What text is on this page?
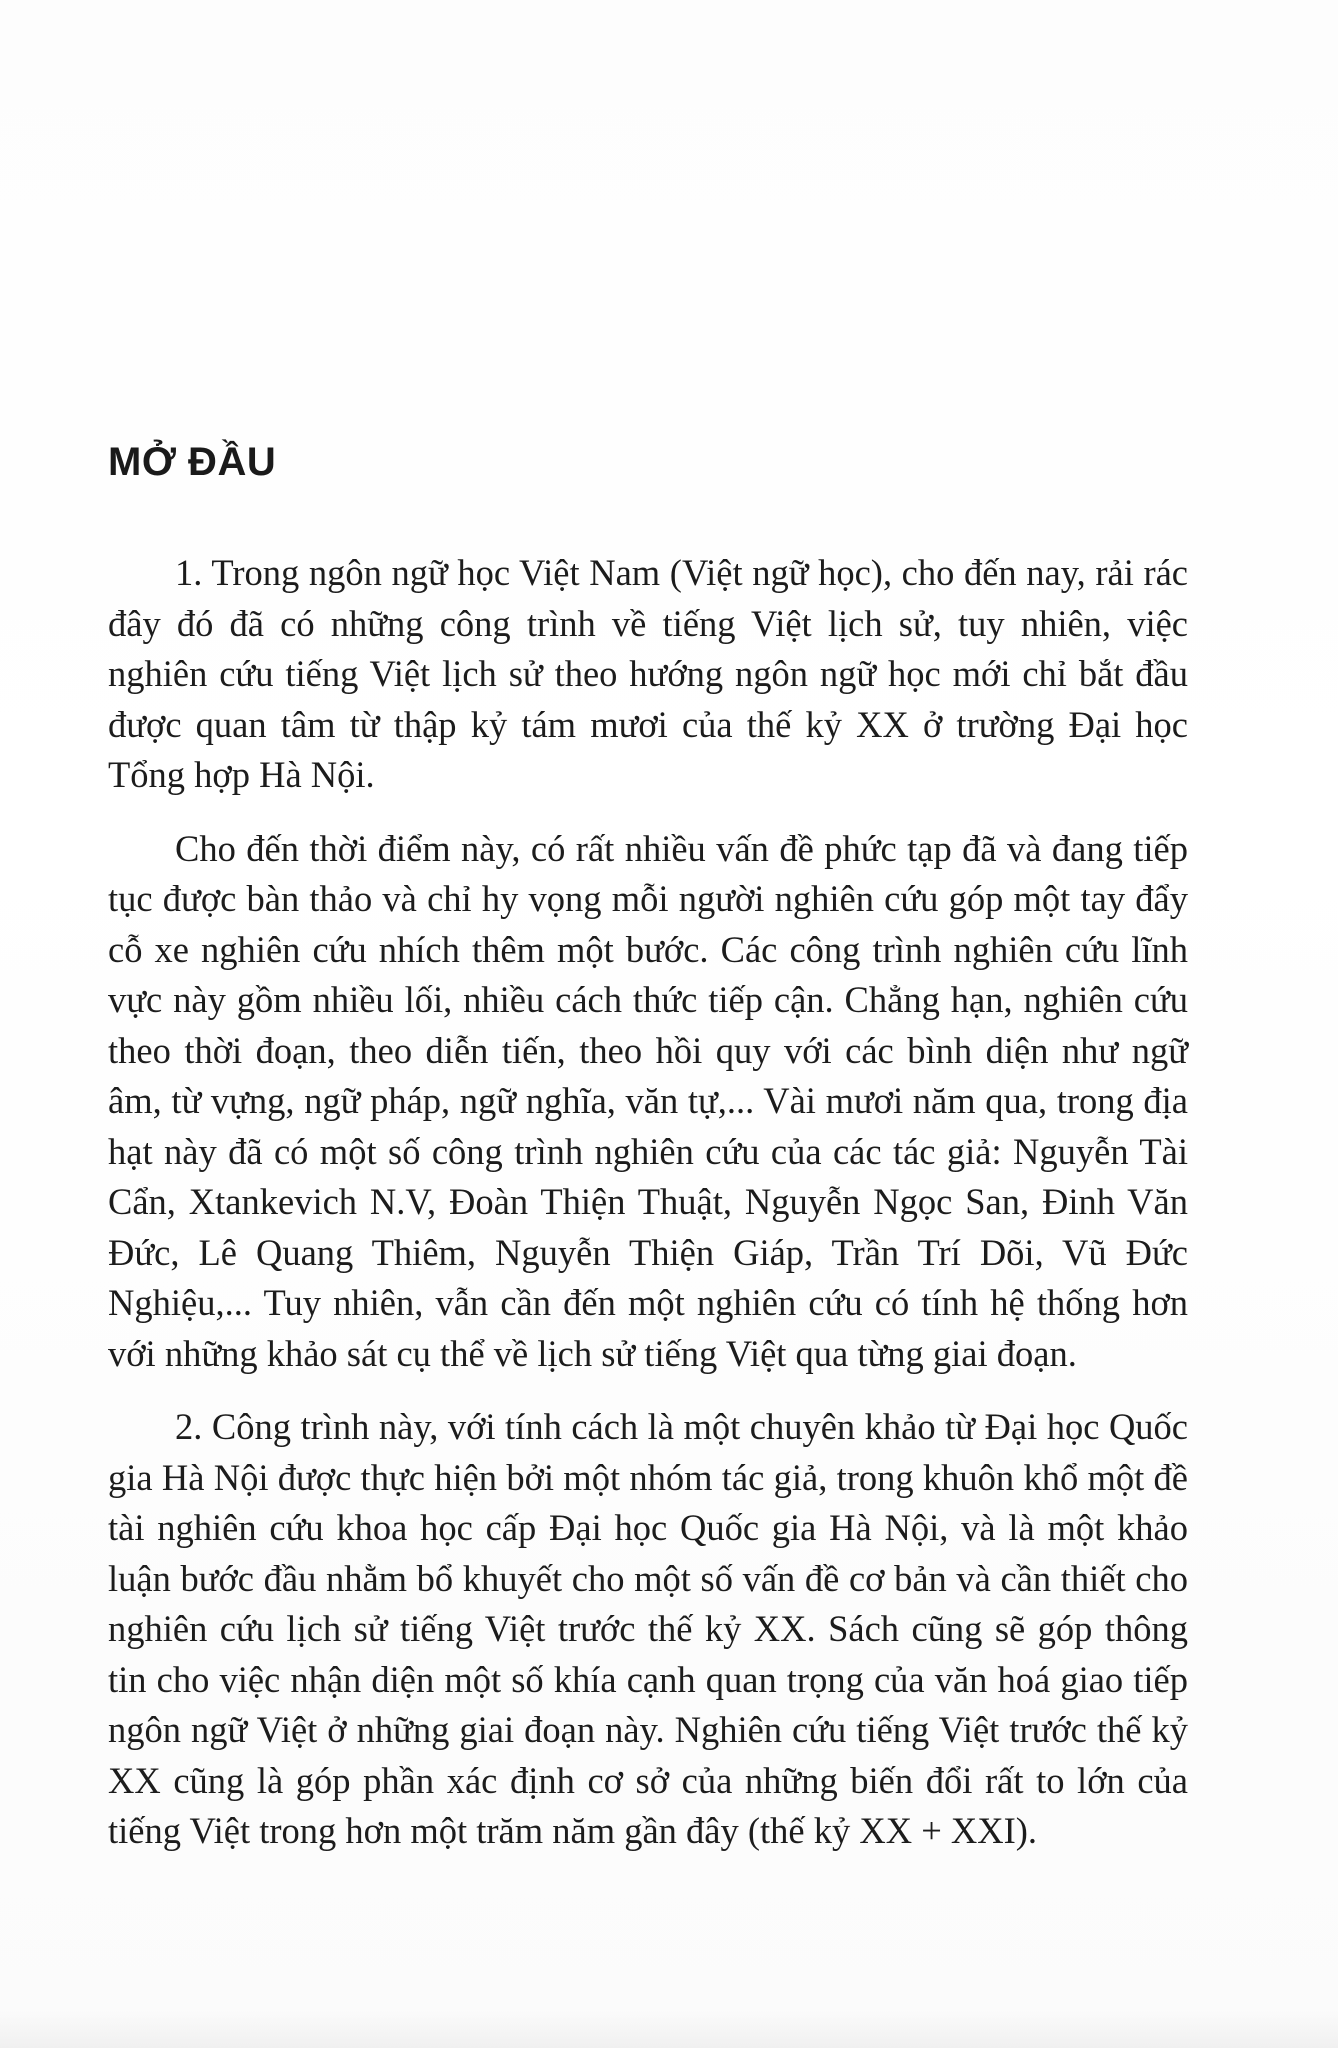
MỞ ĐẦU

1. Trong ngôn ngữ học Việt Nam (Việt ngữ học), cho đến nay, rải rác đây đó đã có những công trình về tiếng Việt lịch sử, tuy nhiên, việc nghiên cứu tiếng Việt lịch sử theo hướng ngôn ngữ học mới chỉ bắt đầu được quan tâm từ thập kỷ tám mươi của thế kỷ XX ở trường Đại học Tổng hợp Hà Nội.

Cho đến thời điểm này, có rất nhiều vấn đề phức tạp đã và đang tiếp tục được bàn thảo và chỉ hy vọng mỗi người nghiên cứu góp một tay đẩy cỗ xe nghiên cứu nhích thêm một bước. Các công trình nghiên cứu lĩnh vực này gồm nhiều lối, nhiều cách thức tiếp cận. Chẳng hạn, nghiên cứu theo thời đoạn, theo diễn tiến, theo hồi quy với các bình diện như ngữ âm, từ vựng, ngữ pháp, ngữ nghĩa, văn tự,... Vài mươi năm qua, trong địa hạt này đã có một số công trình nghiên cứu của các tác giả: Nguyễn Tài Cẩn, Xtankevich N.V, Đoàn Thiện Thuật, Nguyễn Ngọc San, Đinh Văn Đức, Lê Quang Thiêm, Nguyễn Thiện Giáp, Trần Trí Dõi, Vũ Đức Nghiệu,... Tuy nhiên, vẫn cần đến một nghiên cứu có tính hệ thống hơn với những khảo sát cụ thể về lịch sử tiếng Việt qua từng giai đoạn.

2. Công trình này, với tính cách là một chuyên khảo từ Đại học Quốc gia Hà Nội được thực hiện bởi một nhóm tác giả, trong khuôn khổ một đề tài nghiên cứu khoa học cấp Đại học Quốc gia Hà Nội, và là một khảo luận bước đầu nhằm bổ khuyết cho một số vấn đề cơ bản và cần thiết cho nghiên cứu lịch sử tiếng Việt trước thế kỷ XX. Sách cũng sẽ góp thông tin cho việc nhận diện một số khía cạnh quan trọng của văn hoá giao tiếp ngôn ngữ Việt ở những giai đoạn này. Nghiên cứu tiếng Việt trước thế kỷ XX cũng là góp phần xác định cơ sở của những biến đổi rất to lớn của tiếng Việt trong hơn một trăm năm gần đây (thế kỷ XX + XXI).
